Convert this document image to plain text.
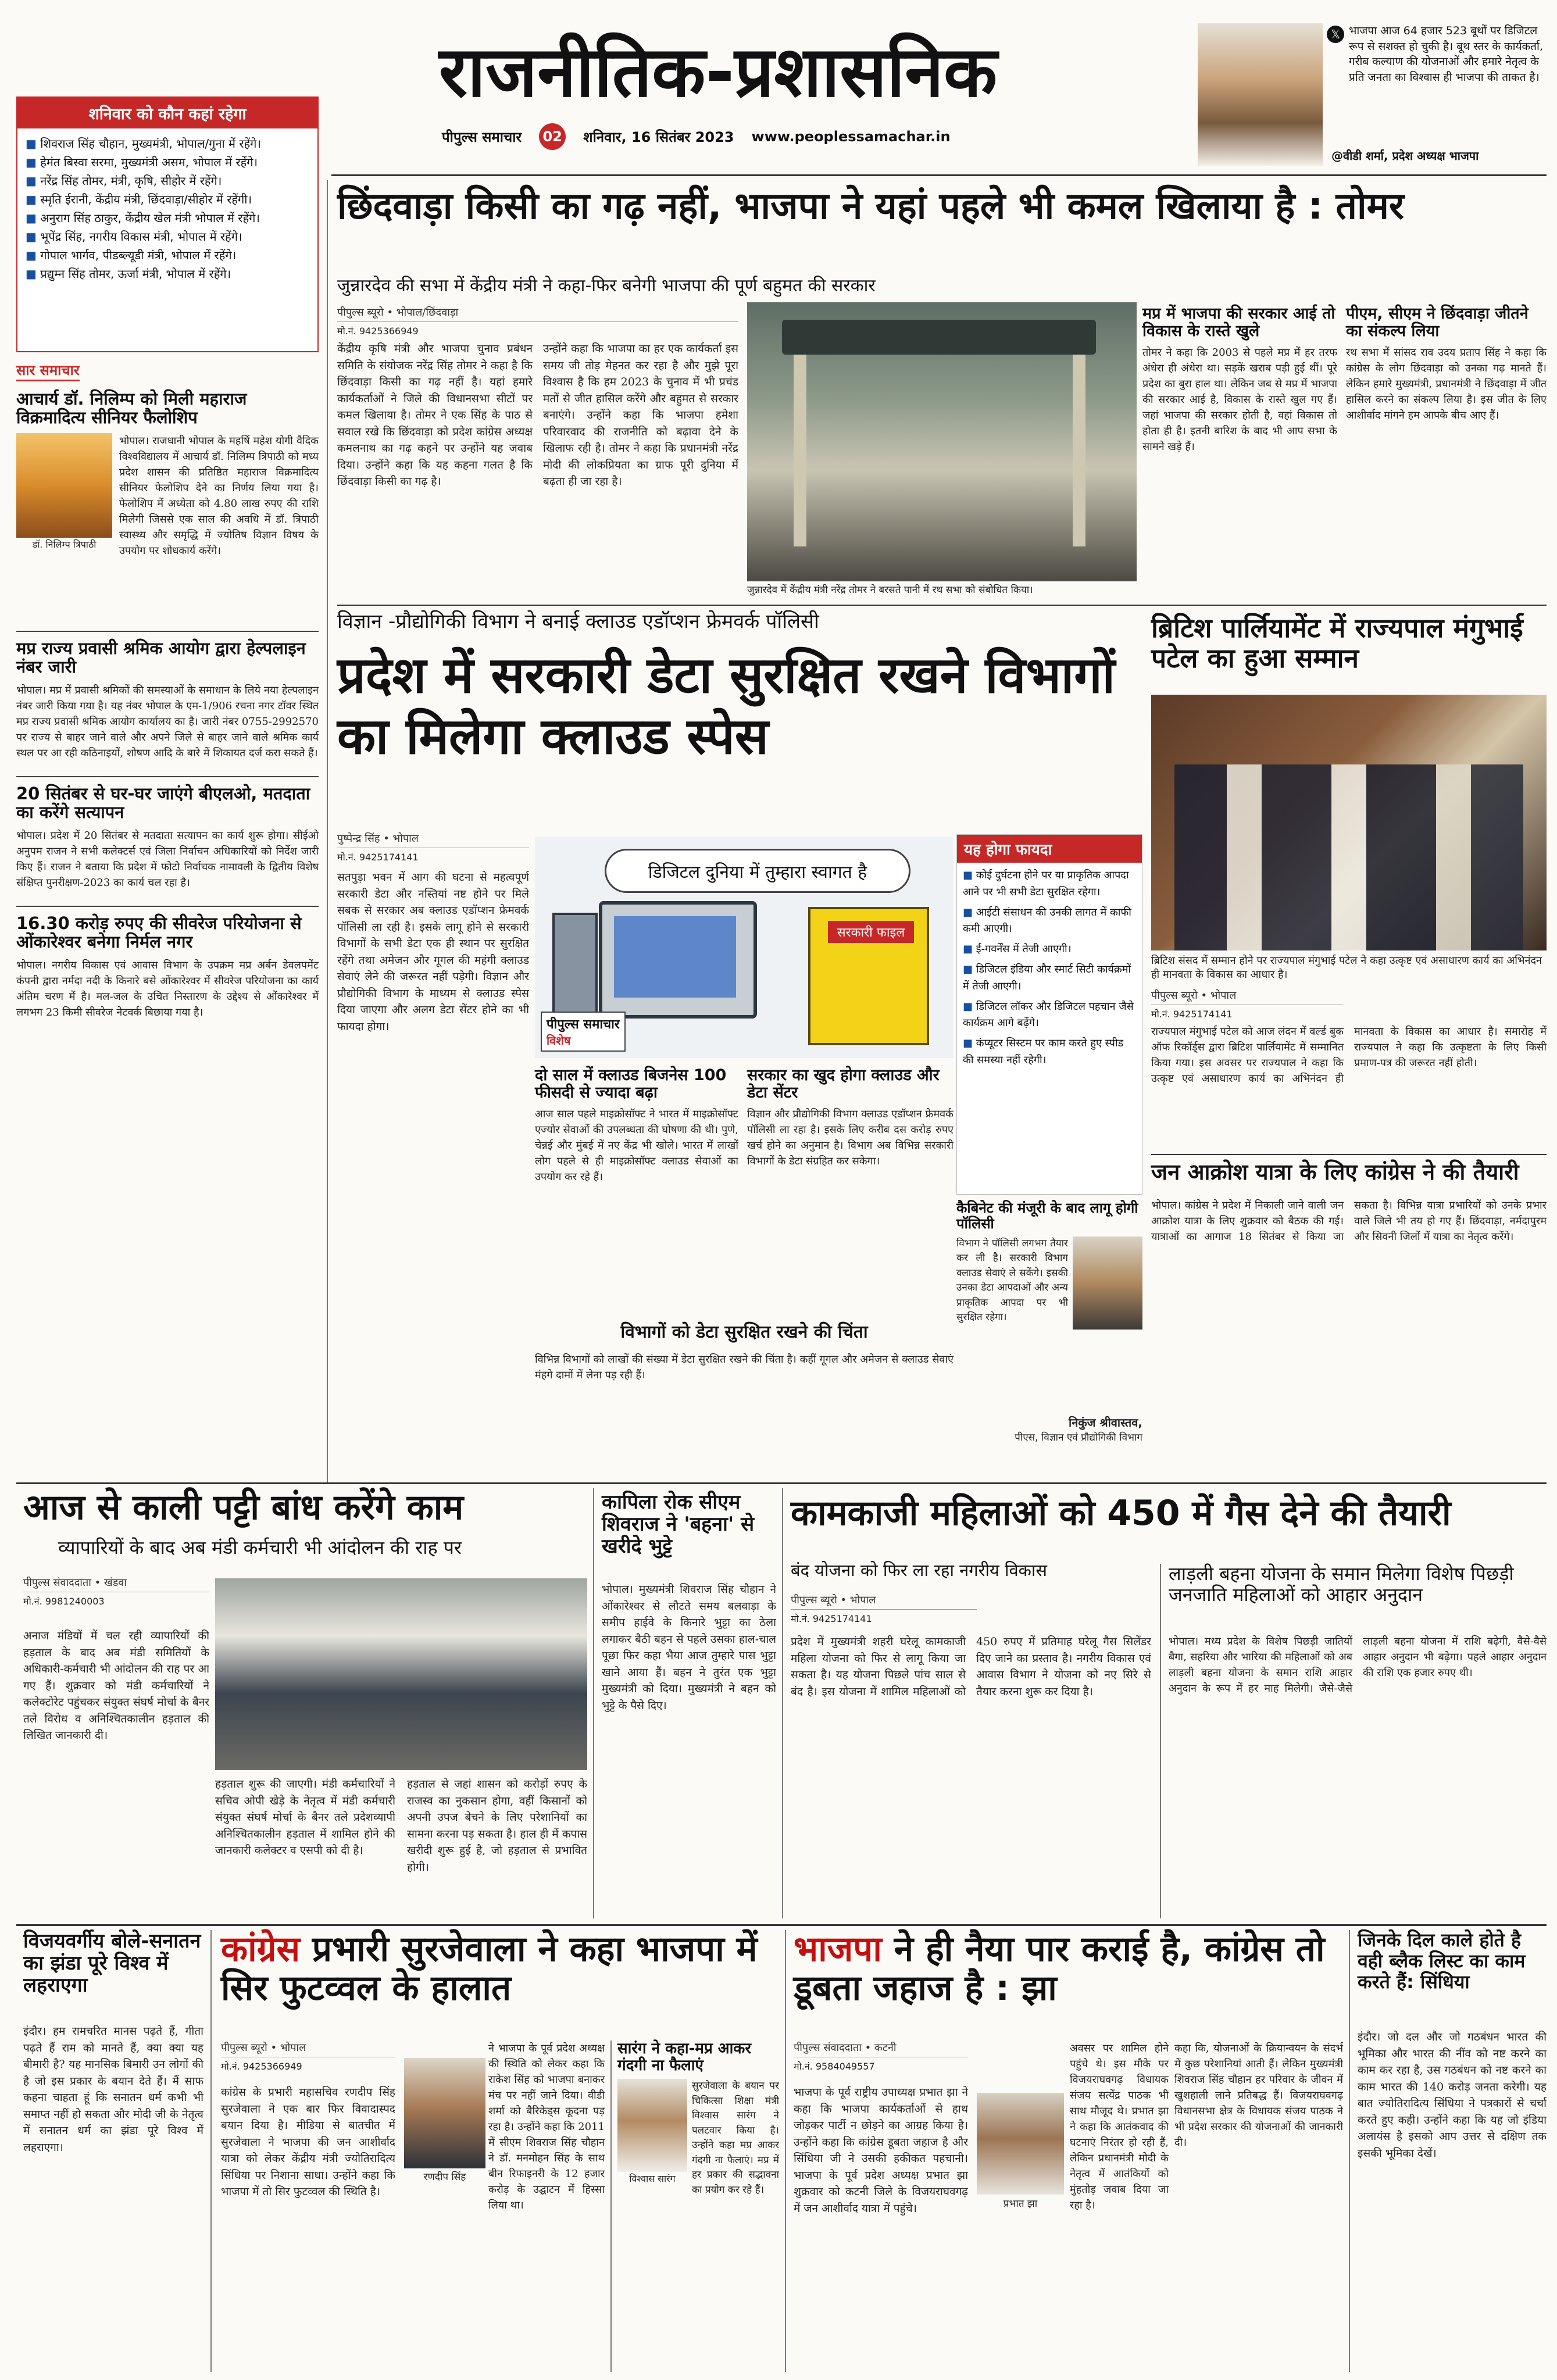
शनिवार को कौन कहां रहेगा
■ शिवराज सिंह चौहान, मुख्यमंत्री, भोपाल/गुना में रहेंगे।
■ हेमंत बिस्वा सरमा, मुख्यमंत्री असम, भोपाल में रहेंगे।
■ नरेंद्र सिंह तोमर, मंत्री, कृषि, सीहोर में रहेंगे।
■ स्मृति ईरानी, केंद्रीय मंत्री, छिंदवाड़ा/सीहोर में रहेंगी।
■ अनुराग सिंह ठाकुर, केंद्रीय खेल मंत्री भोपाल में रहेंगे।
■ भूपेंद्र सिंह, नगरीय विकास मंत्री, भोपाल में रहेंगे।
■ गोपाल भार्गव, पीडब्ल्यूडी मंत्री, भोपाल में रहेंगे।
■ प्रद्युम्न सिंह तोमर, ऊर्जा मंत्री, भोपाल में रहेंगे।
राजनीतिक-प्रशासनिक
पीपुल्स समाचार 02 शनिवार, 16 सितंबर 2023 www.peoplessamachar.in
𝕏 भाजपा आज 64 हजार 523 बूथों पर डिजिटल रूप से सशक्त हो चुकी है। बूथ स्तर के कार्यकर्ता, गरीब कल्याण की योजनाओं और हमारे नेतृत्व के प्रति जनता का विश्वास ही भाजपा की ताकत है।
@वीडी शर्मा, प्रदेश अध्यक्ष भाजपा
सार समाचार
आचार्य डॉ. निलिम्प को मिली महाराज विक्रमादित्य सीनियर फैलोशिप
डॉ. निलिम्प त्रिपाठी
भोपाल। राजधानी भोपाल के महर्षि महेश योगी वैदिक विश्वविद्यालय में आचार्य डॉ. निलिम्प त्रिपाठी को मध्य प्रदेश शासन की प्रतिष्ठित महाराज विक्रमादित्य सीनियर फेलोशिप देने का निर्णय लिया गया है। फेलोशिप में अध्येता को 4.80 लाख रुपए की राशि मिलेगी जिससे एक साल की अवधि में डॉ. त्रिपाठी स्वास्थ्य और समृद्धि में ज्योतिष विज्ञान विषय के उपयोग पर शोधकार्य करेंगे।
मप्र राज्य प्रवासी श्रमिक आयोग द्वारा हेल्पलाइन नंबर जारी
भोपाल। मप्र में प्रवासी श्रमिकों की समस्याओं के समाधान के लिये नया हेल्पलाइन नंबर जारी किया गया है। यह नंबर भोपाल के एम-1/906 रचना नगर टॉवर स्थित मप्र राज्य प्रवासी श्रमिक आयोग कार्यालय का है। जारी नंबर 0755-2992570 पर राज्य से बाहर जाने वाले और अपने जिले से बाहर जाने वाले श्रमिक कार्य स्थल पर आ रही कठिनाइयों, शोषण आदि के बारे में शिकायत दर्ज करा सकते हैं।
20 सितंबर से घर-घर जाएंगे बीएलओ, मतदाता का करेंगे सत्यापन
भोपाल। प्रदेश में 20 सितंबर से मतदाता सत्यापन का कार्य शुरू होगा। सीईओ अनुपम राजन ने सभी कलेक्टर्स एवं जिला निर्वाचन अधिकारियों को निर्देश जारी किए हैं। राजन ने बताया कि प्रदेश में फोटो निर्वाचक नामावली के द्वितीय विशेष संक्षिप्त पुनरीक्षण-2023 का कार्य चल रहा है।
16.30 करोड़ रुपए की सीवरेज परियोजना से ओंकारेश्वर बनेगा निर्मल नगर
भोपाल। नगरीय विकास एवं आवास विभाग के उपक्रम मप्र अर्बन डेवलपमेंट कंपनी द्वारा नर्मदा नदी के किनारे बसे ओंकारेश्वर में सीवरेज परियोजना का कार्य अंतिम चरण में है। मल-जल के उचित निस्तारण के उद्देश्य से ओंकारेश्वर में लगभग 23 किमी सीवरेज नेटवर्क बिछाया गया है।
छिंदवाड़ा किसी का गढ़ नहीं, भाजपा ने यहां पहले भी कमल खिलाया है : तोमर
जुन्नारदेव की सभा में केंद्रीय मंत्री ने कहा-फिर बनेगी भाजपा की पूर्ण बहुमत की सरकार
पीपुल्स ब्यूरो • भोपाल/छिंदवाड़ा
मो.नं. 9425366949
केंद्रीय कृषि मंत्री और भाजपा चुनाव प्रबंधन समिति के संयोजक नरेंद्र सिंह तोमर ने कहा है कि छिंदवाड़ा किसी का गढ़ नहीं है। यहां हमारे कार्यकर्ताओं ने जिले की विधानसभा सीटों पर कमल खिलाया है। तोमर ने एक सिंह के पाठ से सवाल रखे कि छिंदवाड़ा को प्रदेश कांग्रेस अध्यक्ष कमलनाथ का गढ़ कहने पर उन्होंने यह जवाब दिया। उन्होंने कहा कि यह कहना गलत है कि छिंदवाड़ा किसी का गढ़ है।
उन्होंने कहा कि भाजपा का हर एक कार्यकर्ता इस समय जी तोड़ मेहनत कर रहा है और मुझे पूरा विश्वास है कि हम 2023 के चुनाव में भी प्रचंड मतों से जीत हासिल करेंगे और बहुमत से सरकार बनाएंगे। उन्होंने कहा कि भाजपा हमेशा परिवारवाद की राजनीति को बढ़ावा देने के खिलाफ रही है। तोमर ने कहा कि प्रधानमंत्री नरेंद्र मोदी की लोकप्रियता का ग्राफ पूरी दुनिया में बढ़ता ही जा रहा है।
जुन्नारदेव में केंद्रीय मंत्री नरेंद्र तोमर ने बरसते पानी में रथ सभा को संबोधित किया।
मप्र में भाजपा की सरकार आई तो विकास के रास्ते खुले
तोमर ने कहा कि 2003 से पहले मप्र में हर तरफ अंधेरा ही अंधेरा था। सड़कें खराब पड़ी हुई थीं। पूरे प्रदेश का बुरा हाल था। लेकिन जब से मप्र में भाजपा की सरकार आई है, विकास के रास्ते खुल गए हैं। जहां भाजपा की सरकार होती है, वहां विकास तो होता ही है। इतनी बारिश के बाद भी आप सभा के सामने खड़े हैं।
पीएम, सीएम ने छिंदवाड़ा जीतने का संकल्प लिया
रथ सभा में सांसद राव उदय प्रताप सिंह ने कहा कि कांग्रेस के लोग छिंदवाड़ा को उनका गढ़ मानते हैं। लेकिन हमारे मुख्यमंत्री, प्रधानमंत्री ने छिंदवाड़ा में जीत हासिल करने का संकल्प लिया है। इस जीत के लिए आशीर्वाद मांगने हम आपके बीच आए हैं।
विज्ञान -प्रौद्योगिकी विभाग ने बनाई क्लाउड एडॉप्शन फ्रेमवर्क पॉलिसी
प्रदेश में सरकारी डेटा सुरक्षित रखने विभागों का मिलेगा क्लाउड स्पेस
पुष्पेन्द्र सिंह • भोपाल
मो.नं. 9425174141
सतपुड़ा भवन में आग की घटना से महत्वपूर्ण सरकारी डेटा और नस्तियां नष्ट होने पर मिले सबक से सरकार अब क्लाउड एडॉप्शन फ्रेमवर्क पॉलिसी ला रही है। इसके लागू होने से सरकारी विभागों के सभी डेटा एक ही स्थान पर सुरक्षित रहेंगे तथा अमेजन और गूगल की महंगी क्लाउड सेवाएं लेने की जरूरत नहीं पड़ेगी। विज्ञान और प्रौद्योगिकी विभाग के माध्यम से क्लाउड स्पेस दिया जाएगा और अलग डेटा सेंटर होने का भी फायदा होगा।
डिजिटल दुनिया में तुम्हारा स्वागत है
सरकारी फाइल
पीपुल्स समाचार
विशेष
दो साल में क्लाउड बिजनेस 100 फीसदी से ज्यादा बढ़ा
आज साल पहले माइक्रोसॉफ्ट ने भारत में माइक्रोसॉफ्ट एज्योर सेवाओं की उपलब्धता की घोषणा की थी। पुणे, चेन्नई और मुंबई में नए केंद्र भी खोले। भारत में लाखों लोग पहले से ही माइक्रोसॉफ्ट क्लाउड सेवाओं का उपयोग कर रहे हैं।
सरकार का खुद होगा क्लाउड और डेटा सेंटर
विज्ञान और प्रौद्योगिकी विभाग क्लाउड एडॉप्शन फ्रेमवर्क पॉलिसी ला रहा है। इसके लिए करीब दस करोड़ रुपए खर्च होने का अनुमान है। विभाग अब विभिन्न सरकारी विभागों के डेटा संग्रहित कर सकेगा।
विभागों को डेटा सुरक्षित रखने की चिंता
विभिन्न विभागों को लाखों की संख्या में डेटा सुरक्षित रखने की चिंता है। कहीं गूगल और अमेजन से क्लाउड सेवाएं मंहगे दामों में लेना पड़ रही हैं।
यह होगा फायदा
■ कोई दुर्घटना होने पर या प्राकृतिक आपदा आने पर भी सभी डेटा सुरक्षित रहेगा।
■ आईटी संसाधन की उनकी लागत में काफी कमी आएगी।
■ ई-गवर्नेंस में तेजी आएगी।
■ डिजिटल इंडिया और स्मार्ट सिटी कार्यक्रमों में तेजी आएगी।
■ डिजिटल लॉकर और डिजिटल पहचान जैसे कार्यक्रम आगे बढ़ेंगे।
■ कंप्यूटर सिस्टम पर काम करते हुए स्पीड की समस्या नहीं रहेगी।
कैबिनेट की मंजूरी के बाद लागू होगी पॉलिसी
विभाग ने पॉलिसी लगभग तैयार कर ली है। सरकारी विभाग क्लाउड सेवाएं ले सकेंगे। इसकी उनका डेटा आपदाओं और अन्य प्राकृतिक आपदा पर भी सुरक्षित रहेगा।
निकुंज श्रीवास्तव,
पीएस, विज्ञान एवं प्रौद्योगिकी विभाग
ब्रिटिश पार्लियामेंट में राज्यपाल मंगुभाई पटेल का हुआ सम्मान
ब्रिटिश संसद में सम्मान होने पर राज्यपाल मंगुभाई पटेल ने कहा उत्कृष्ट एवं असाधारण कार्य का अभिनंदन ही मानवता के विकास का आधार है।
पीपुल्स ब्यूरो • भोपाल
मो.नं. 9425174141
राज्यपाल मंगुभाई पटेल को आज लंदन में वर्ल्ड बुक ऑफ रिकॉर्ड्स द्वारा ब्रिटिश पार्लियामेंट में सम्मानित किया गया। इस अवसर पर राज्यपाल ने कहा कि उत्कृष्ट एवं असाधारण कार्य का अभिनंदन ही मानवता के विकास का आधार है। समारोह में राज्यपाल ने कहा कि उत्कृष्टता के लिए किसी प्रमाण-पत्र की जरूरत नहीं होती।
जन आक्रोश यात्रा के लिए कांग्रेस ने की तैयारी
भोपाल। कांग्रेस ने प्रदेश में निकाली जाने वाली जन आक्रोश यात्रा के लिए शुक्रवार को बैठक की गई। यात्राओं का आगाज 18 सितंबर से किया जा सकता है। विभिन्न यात्रा प्रभारियों को उनके प्रभार वाले जिले भी तय हो गए हैं। छिंदवाड़ा, नर्मदापुरम और सिवनी जिलों में यात्रा का नेतृत्व करेंगे।
आज से काली पट्टी बांध करेंगे काम
व्यापारियों के बाद अब मंडी कर्मचारी भी आंदोलन की राह पर
पीपुल्स संवाददाता • खंडवा
मो.नं. 9981240003
अनाज मंडियों में चल रही व्यापारियों की हड़ताल के बाद अब मंडी समितियों के अधिकारी-कर्मचारी भी आंदोलन की राह पर आ गए हैं। शुक्रवार को मंडी कर्मचारियों ने कलेक्टोरेट पहुंचकर संयुक्त संघर्ष मोर्चा के बैनर तले विरोध व अनिश्चितकालीन हड़ताल की लिखित जानकारी दी।
हड़ताल शुरू की जाएगी। मंडी कर्मचारियों ने सचिव ओपी खेड़े के नेतृत्व में मंडी कर्मचारी संयुक्त संघर्ष मोर्चा के बैनर तले प्रदेशव्यापी अनिश्चितकालीन हड़ताल में शामिल होने की जानकारी कलेक्टर व एसपी को दी है।
हड़ताल से जहां शासन को करोड़ों रुपए के राजस्व का नुकसान होगा, वहीं किसानों को अपनी उपज बेचने के लिए परेशानियों का सामना करना पड़ सकता है। हाल ही में कपास खरीदी शुरू हुई है, जो हड़ताल से प्रभावित होगी।
कापिला रोक सीएम शिवराज ने 'बहना' से खरीदे भुट्टे
भोपाल। मुख्यमंत्री शिवराज सिंह चौहान ने ओंकारेश्वर से लौटते समय बलवाड़ा के समीप हाईवे के किनारे भुट्टा का ठेला लगाकर बैठी बहन से पहले उसका हाल-चाल पूछा फिर कहा भैया आज तुम्हारे पास भुट्टा खाने आया हैं। बहन ने तुरंत एक भुट्टा मुख्यमंत्री को दिया। मुख्यमंत्री ने बहन को भुट्टे के पैसे दिए।
कामकाजी महिलाओं को 450 में गैस देने की तैयारी
बंद योजना को फिर ला रहा नगरीय विकास
पीपुल्स ब्यूरो • भोपाल
मो.नं. 9425174141
प्रदेश में मुख्यमंत्री शहरी घरेलू कामकाजी महिला योजना को फिर से लागू किया जा सकता है। यह योजना पिछले पांच साल से बंद है। इस योजना में शामिल महिलाओं को 450 रुपए में प्रतिमाह घरेलू गैस सिलेंडर दिए जाने का प्रस्ताव है। नगरीय विकास एवं आवास विभाग ने योजना को नए सिरे से तैयार करना शुरू कर दिया है।
लाड़ली बहना योजना के समान मिलेगा विशेष पिछड़ी जनजाति महिलाओं को आहार अनुदान
भोपाल। मध्य प्रदेश के विशेष पिछड़ी जातियों बैगा, सहरिया और भारिया की महिलाओं को अब लाड़ली बहना योजना के समान राशि आहार अनुदान के रूप में हर माह मिलेगी। जैसे-जैसे लाड़ली बहना योजना में राशि बढ़ेगी, वैसे-वैसे आहार अनुदान भी बढ़ेगा। पहले आहार अनुदान की राशि एक हजार रुपए थी।
विजयवर्गीय बोले-सनातन का झंडा पूरे विश्व में लहराएगा
इंदौर। हम रामचरित मानस पढ़ते हैं, गीता पढ़ते हैं राम को मानते हैं, क्या क्या यह बीमारी है? यह मानसिक बिमारी उन लोगों की है जो इस प्रकार के बयान देते हैं। मैं साफ कहना चाहता हूं कि सनातन धर्म कभी भी समाप्त नहीं हो सकता और मोदी जी के नेतृत्व में सनातन धर्म का झंडा पूरे विश्व में लहराएगा।
कांग्रेस प्रभारी सुरजेवाला ने कहा भाजपा में सिर फुटव्वल के हालात
पीपुल्स ब्यूरो • भोपाल
मो.नं. 9425366949
कांग्रेस के प्रभारी महासचिव रणदीप सिंह सुरजेवाला ने एक बार फिर विवादास्पद बयान दिया है। मीडिया से बातचीत में सुरजेवाला ने भाजपा की जन आशीर्वाद यात्रा को लेकर केंद्रीय मंत्री ज्योतिरादित्य सिंधिया पर निशाना साधा। उन्होंने कहा कि भाजपा में तो सिर फुटव्वल की स्थिति है।
रणदीप सिंह
ने भाजपा के पूर्व प्रदेश अध्यक्ष की स्थिति को लेकर कहा कि राकेश सिंह को भाजपा बनाकर मंच पर नहीं जाने दिया। वीडी शर्मा को बैरिकेड्स कूदना पड़ रहा है। उन्होंने कहा कि 2011 में सीएम शिवराज सिंह चौहान ने डॉ. मनमोहन सिंह के साथ बीन रिफाइनरी के 12 हजार करोड़ के उद्घाटन में हिस्सा लिया था।
सारंग ने कहा-मप्र आकर गंदगी ना फैलाएं
विश्वास सारंग
सुरजेवाला के बयान पर चिकित्सा शिक्षा मंत्री विश्वास सारंग ने पलटवार किया है। उन्होंने कहा मप्र आकर गंदगी ना फैलाएं। मप्र में हर प्रकार की सद्भावना का प्रयोग कर रहे हैं।
भाजपा ने ही नैया पार कराई है, कांग्रेस तो डूबता जहाज है : झा
पीपुल्स संवाददाता • कटनी
मो.नं. 9584049557
भाजपा के पूर्व राष्ट्रीय उपाध्यक्ष प्रभात झा ने कहा कि भाजपा कार्यकर्ताओं से हाथ जोड़कर पार्टी न छोड़ने का आग्रह किया है। उन्होंने कहा कि कांग्रेस डूबता जहाज है और सिंधिया जी ने उसकी हकीकत पहचानी। भाजपा के पूर्व प्रदेश अध्यक्ष प्रभात झा शुक्रवार को कटनी जिले के विजयराघवगढ़ में जन आशीर्वाद यात्रा में पहुंचे।	प्रभात झा
अवसर पर शामिल होने पहुंचे थे। इस मौके पर विजयराघवगढ़ विधायक संजय सत्येंद्र पाठक भी साथ मौजूद थे। प्रभात झा ने कहा कि आतंकवाद की घटनाएं निरंतर हो रही हैं, लेकिन प्रधानमंत्री मोदी के नेतृत्व में आतंकियों को मुंहतोड़ जवाब दिया जा रहा है।
कहा कि, योजनाओं के क्रियान्वयन के संदर्भ में कुछ परेशानियां आती हैं। लेकिन मुख्यमंत्री शिवराज सिंह चौहान हर परिवार के जीवन में खुशहाली लाने प्रतिबद्ध हैं। विजयराघवगढ़ विधानसभा क्षेत्र के विधायक संजय पाठक ने भी प्रदेश सरकार की योजनाओं की जानकारी दी।
जिनके दिल काले होते है वही ब्लैक लिस्ट का काम करते हैं: सिंधिया
इंदौर। जो दल और जो गठबंधन भारत की भूमिका और भारत की नींव को नष्ट करने का काम कर रहा है, उस गठबंधन को नष्ट करने का काम भारत की 140 करोड़ जनता करेगी। यह बात ज्योतिरादित्य सिंधिया ने पत्रकारों से चर्चा करते हुए कही। उन्होंने कहा कि यह जो इंडिया अलायंस है इसको आप उत्तर से दक्षिण तक इसकी भूमिका देखें।
